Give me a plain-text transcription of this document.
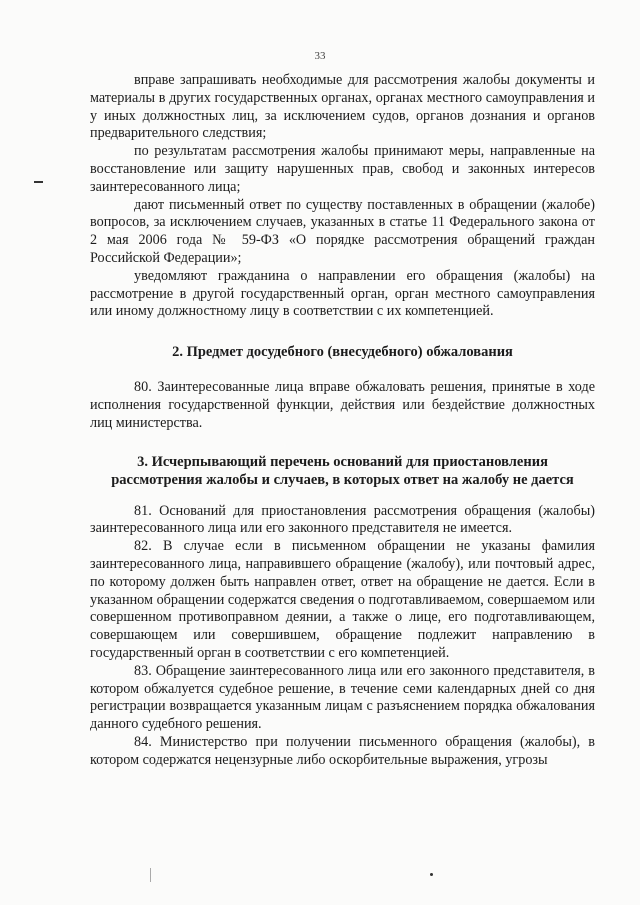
33

вправе запрашивать необходимые для рассмотрения жалобы документы и материалы в других государственных органах, органах местного самоуправления и у иных должностных лиц, за исключением судов, органов дознания и органов предварительного следствия;

по результатам рассмотрения жалобы принимают меры, направленные на восстановление или защиту нарушенных прав, свобод и законных интересов заинтересованного лица;

дают письменный ответ по существу поставленных в обращении (жалобе) вопросов, за исключением случаев, указанных в статье 11 Федерального закона от 2 мая 2006 года № 59-ФЗ «О порядке рассмотрения обращений граждан Российской Федерации»;

уведомляют гражданина о направлении его обращения (жалобы) на рассмотрение в другой государственный орган, орган местного самоуправления или иному должностному лицу в соответствии с их компетенцией.

2. Предмет досудебного (внесудебного) обжалования

80. Заинтересованные лица вправе обжаловать решения, принятые в ходе исполнения государственной функции, действия или бездействие должностных лиц министерства.

3. Исчерпывающий перечень оснований для приостановления рассмотрения жалобы и случаев, в которых ответ на жалобу не дается

81. Оснований для приостановления рассмотрения обращения (жалобы) заинтересованного лица или его законного представителя не имеется.

82. В случае если в письменном обращении не указаны фамилия заинтересованного лица, направившего обращение (жалобу), или почтовый адрес, по которому должен быть направлен ответ, ответ на обращение не дается. Если в указанном обращении содержатся сведения о подготавливаемом, совершаемом или совершенном противоправном деянии, а также о лице, его подготавливающем, совершающем или совершившем, обращение подлежит направлению в государственный орган в соответствии с его компетенцией.

83. Обращение заинтересованного лица или его законного представителя, в котором обжалуется судебное решение, в течение семи календарных дней со дня регистрации возвращается указанным лицам с разъяснением порядка обжалования данного судебного решения.

84. Министерство при получении письменного обращения (жалобы), в котором содержатся нецензурные либо оскорбительные выражения, угрозы
